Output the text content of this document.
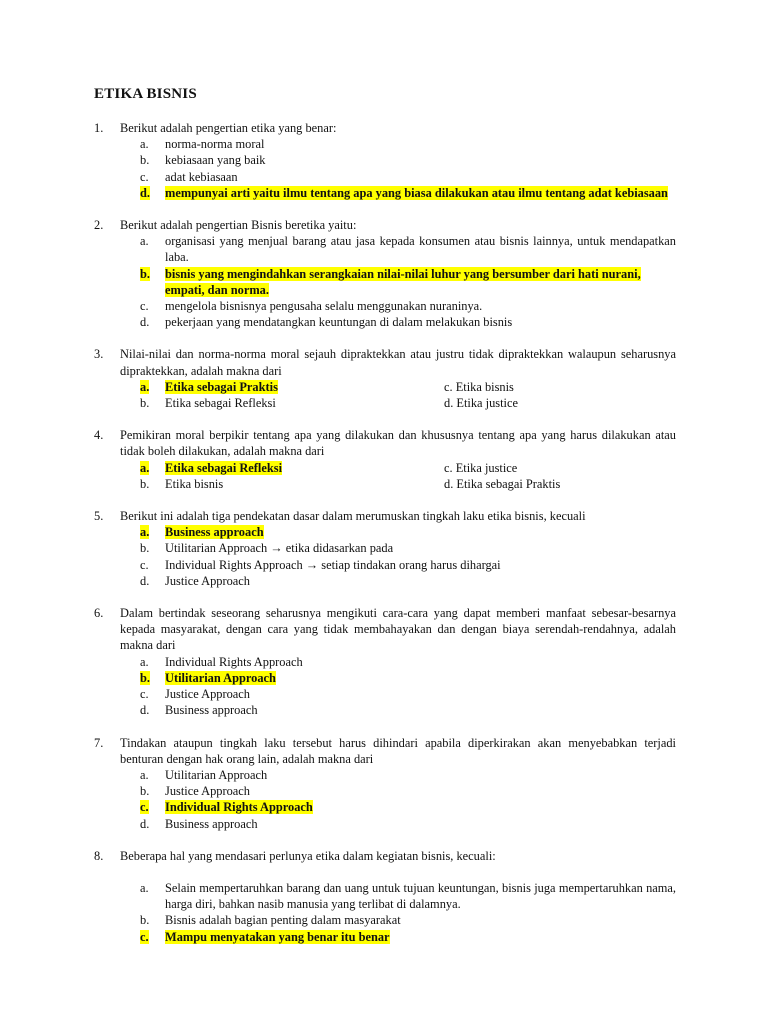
ETIKA BISNIS
1.	Berikut adalah pengertian etika yang benar:
a.	norma-norma moral
b.	kebiasaan yang baik
c.	adat kebiasaan
d.	mempunyai arti yaitu ilmu tentang apa yang biasa dilakukan atau ilmu tentang adat kebiasaan
2.	Berikut adalah pengertian Bisnis beretika yaitu:
a.	organisasi yang menjual barang atau jasa kepada konsumen atau bisnis lainnya, untuk mendapatkan laba.
b.	bisnis yang mengindahkan serangkaian nilai-nilai luhur yang bersumber dari hati nurani, empati, dan norma.
c.	mengelola bisnisnya pengusaha selalu menggunakan nuraninya.
d.	pekerjaan yang mendatangkan keuntungan di dalam melakukan bisnis
3.	Nilai-nilai dan norma-norma moral sejauh dipraktekkan atau justru tidak dipraktekkan walaupun seharusnya dipraktekkan, adalah makna dari
a.	Etika sebagai Praktis	c. Etika bisnis
b.	Etika sebagai Refleksi	d. Etika justice
4.	Pemikiran moral berpikir tentang apa yang dilakukan dan khususnya tentang apa yang harus dilakukan atau tidak boleh dilakukan, adalah makna dari
a.	Etika sebagai Refleksi	c. Etika justice
b.	Etika bisnis	d. Etika sebagai Praktis
5.	Berikut ini adalah tiga pendekatan dasar dalam merumuskan tingkah laku etika bisnis, kecuali
a.	Business approach
b.	Utilitarian Approach → etika didasarkan pada
c.	Individual Rights Approach → setiap tindakan orang harus dihargai
d.	Justice Approach
6.	Dalam bertindak seseorang seharusnya mengikuti cara-cara yang dapat memberi manfaat sebesar-besarnya kepada masyarakat, dengan cara yang tidak membahayakan dan dengan biaya serendah-rendahnya, adalah makna dari
a.	Individual Rights Approach
b.	Utilitarian Approach
c.	Justice Approach
d.	Business approach
7.	Tindakan ataupun tingkah laku tersebut harus dihindari apabila diperkirakan akan menyebabkan terjadi benturan dengan hak orang lain, adalah makna dari
a.	Utilitarian Approach
b.	Justice Approach
c.	Individual Rights Approach
d.	Business approach
8.	Beberapa hal yang mendasari perlunya etika dalam kegiatan bisnis, kecuali:
a.	Selain mempertaruhkan barang dan uang untuk tujuan keuntungan, bisnis juga mempertaruhkan nama, harga diri, bahkan nasib manusia yang terlibat di dalamnya.
b.	Bisnis adalah bagian penting dalam masyarakat
c.	Mampu menyatakan yang benar itu benar
